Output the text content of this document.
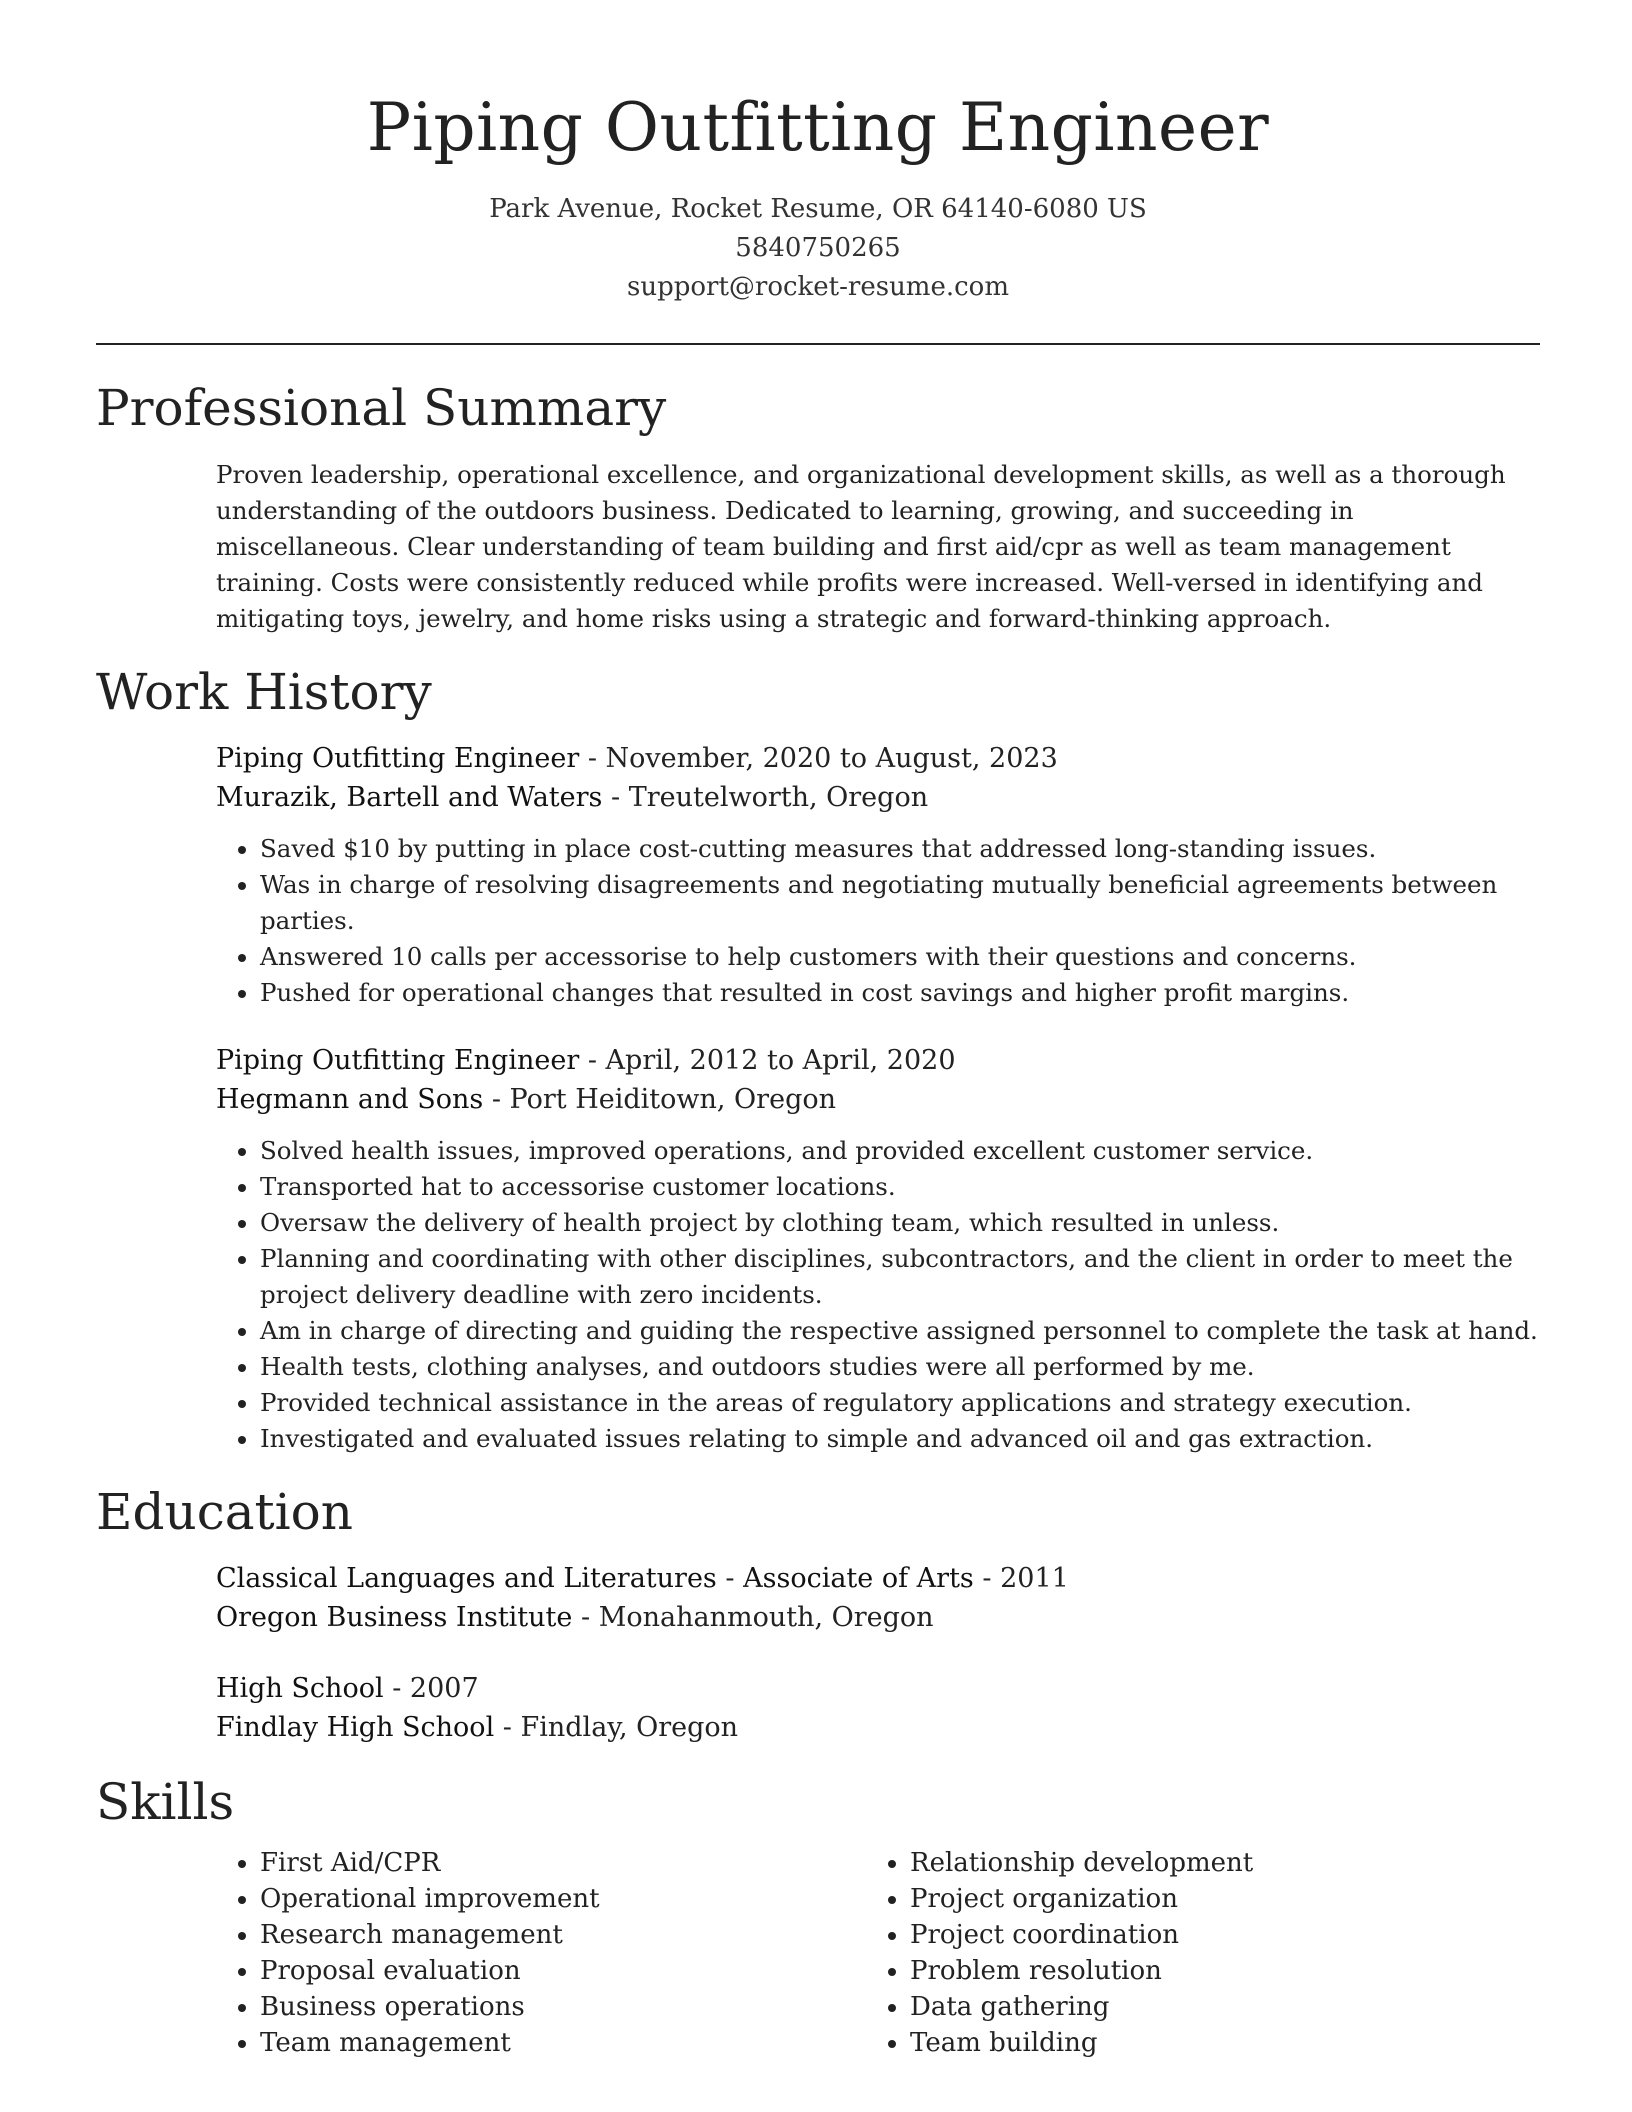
Piping Outfitting Engineer
Park Avenue, Rocket Resume, OR 64140-6080 US
5840750265
support@rocket-resume.com
Professional Summary

Proven leadership, operational excellence, and organizational development skills, as well as a thorough understanding of the outdoors business. Dedicated to learning, growing, and succeeding in miscellaneous. Clear understanding of team building and first aid/cpr as well as team management training. Costs were consistently reduced while profits were increased. Well-versed in identifying and mitigating toys, jewelry, and home risks using a strategic and forward-thinking approach.

Work History
Piping Outfitting Engineer - November, 2020 to August, 2023
Murazik, Bartell and Waters - Treutelworth, Oregon
• Saved $10 by putting in place cost-cutting measures that addressed long-standing issues.
• Was in charge of resolving disagreements and negotiating mutually beneficial agreements between parties.
• Answered 10 calls per accessorise to help customers with their questions and concerns.
• Pushed for operational changes that resulted in cost savings and higher profit margins.
Piping Outfitting Engineer - April, 2012 to April, 2020
Hegmann and Sons - Port Heiditown, Oregon
• Solved health issues, improved operations, and provided excellent customer service.
• Transported hat to accessorise customer locations.
• Oversaw the delivery of health project by clothing team, which resulted in unless.
• Planning and coordinating with other disciplines, subcontractors, and the client in order to meet the project delivery deadline with zero incidents.
• Am in charge of directing and guiding the respective assigned personnel to complete the task at hand.
• Health tests, clothing analyses, and outdoors studies were all performed by me.
• Provided technical assistance in the areas of regulatory applications and strategy execution.
• Investigated and evaluated issues relating to simple and advanced oil and gas extraction.
Education
Classical Languages and Literatures - Associate of Arts - 2011
Oregon Business Institute - Monahanmouth, Oregon
High School - 2007
Findlay High School - Findlay, Oregon
Skills
• First Aid/CPR
• Operational improvement
• Research management
• Proposal evaluation
• Business operations
• Team management
• Relationship development
• Project organization
• Project coordination
• Problem resolution
• Data gathering
• Team building
